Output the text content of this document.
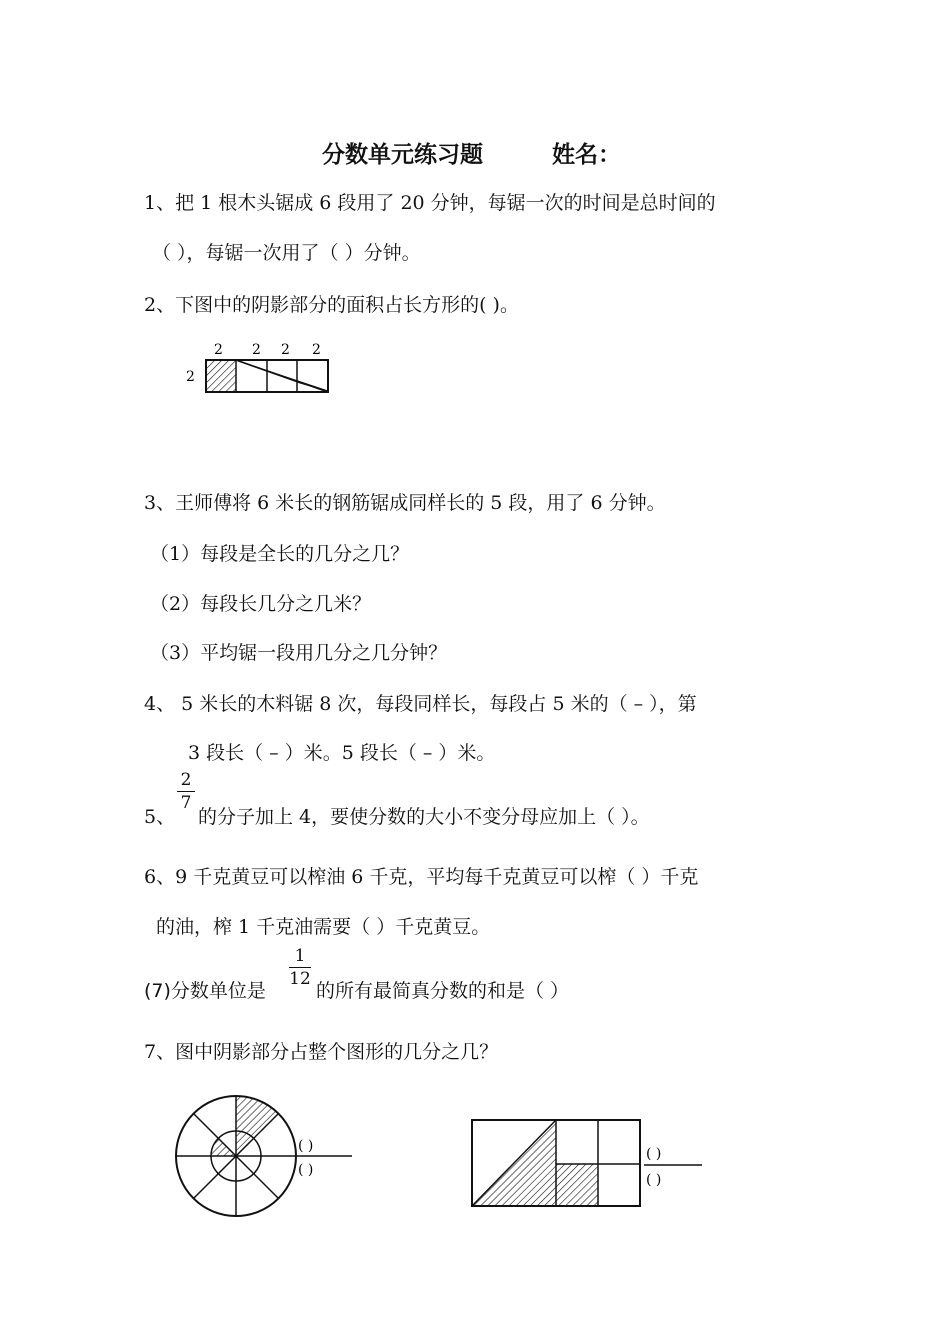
分数单元练习题	姓名：
1、把 1 根木头锯成 6 段用了 20 分钟，每锯一次的时间是总时间的
（ ），每锯一次用了（ ）分钟。
2、下图中的阴影部分的面积占长方形的( )。
2 2 2 2
2
3、王师傅将 6 米长的钢筋锯成同样长的 5 段，用了 6 分钟。
（1）每段是全长的几分之几？
（2）每段长几分之几米？
（3）平均锯一段用几分之几分钟？
4、 5 米长的木料锯 8 次，每段同样长，每段占 5 米的（ – ），第
3 段长（ – ）米。5 段长（ – ）米。
5、
2
7
的分子加上 4，要使分数的大小不变分母应加上（ ）。
6、9 千克黄豆可以榨油 6 千克，平均每千克黄豆可以榨（ ）千克
的油，榨 1 千克油需要（ ）千克黄豆。
(7)分数单位是
1
12
的所有最简真分数的和是（ ）
7、图中阴影部分占整个图形的几分之几？
( )
( )
( )
( )
